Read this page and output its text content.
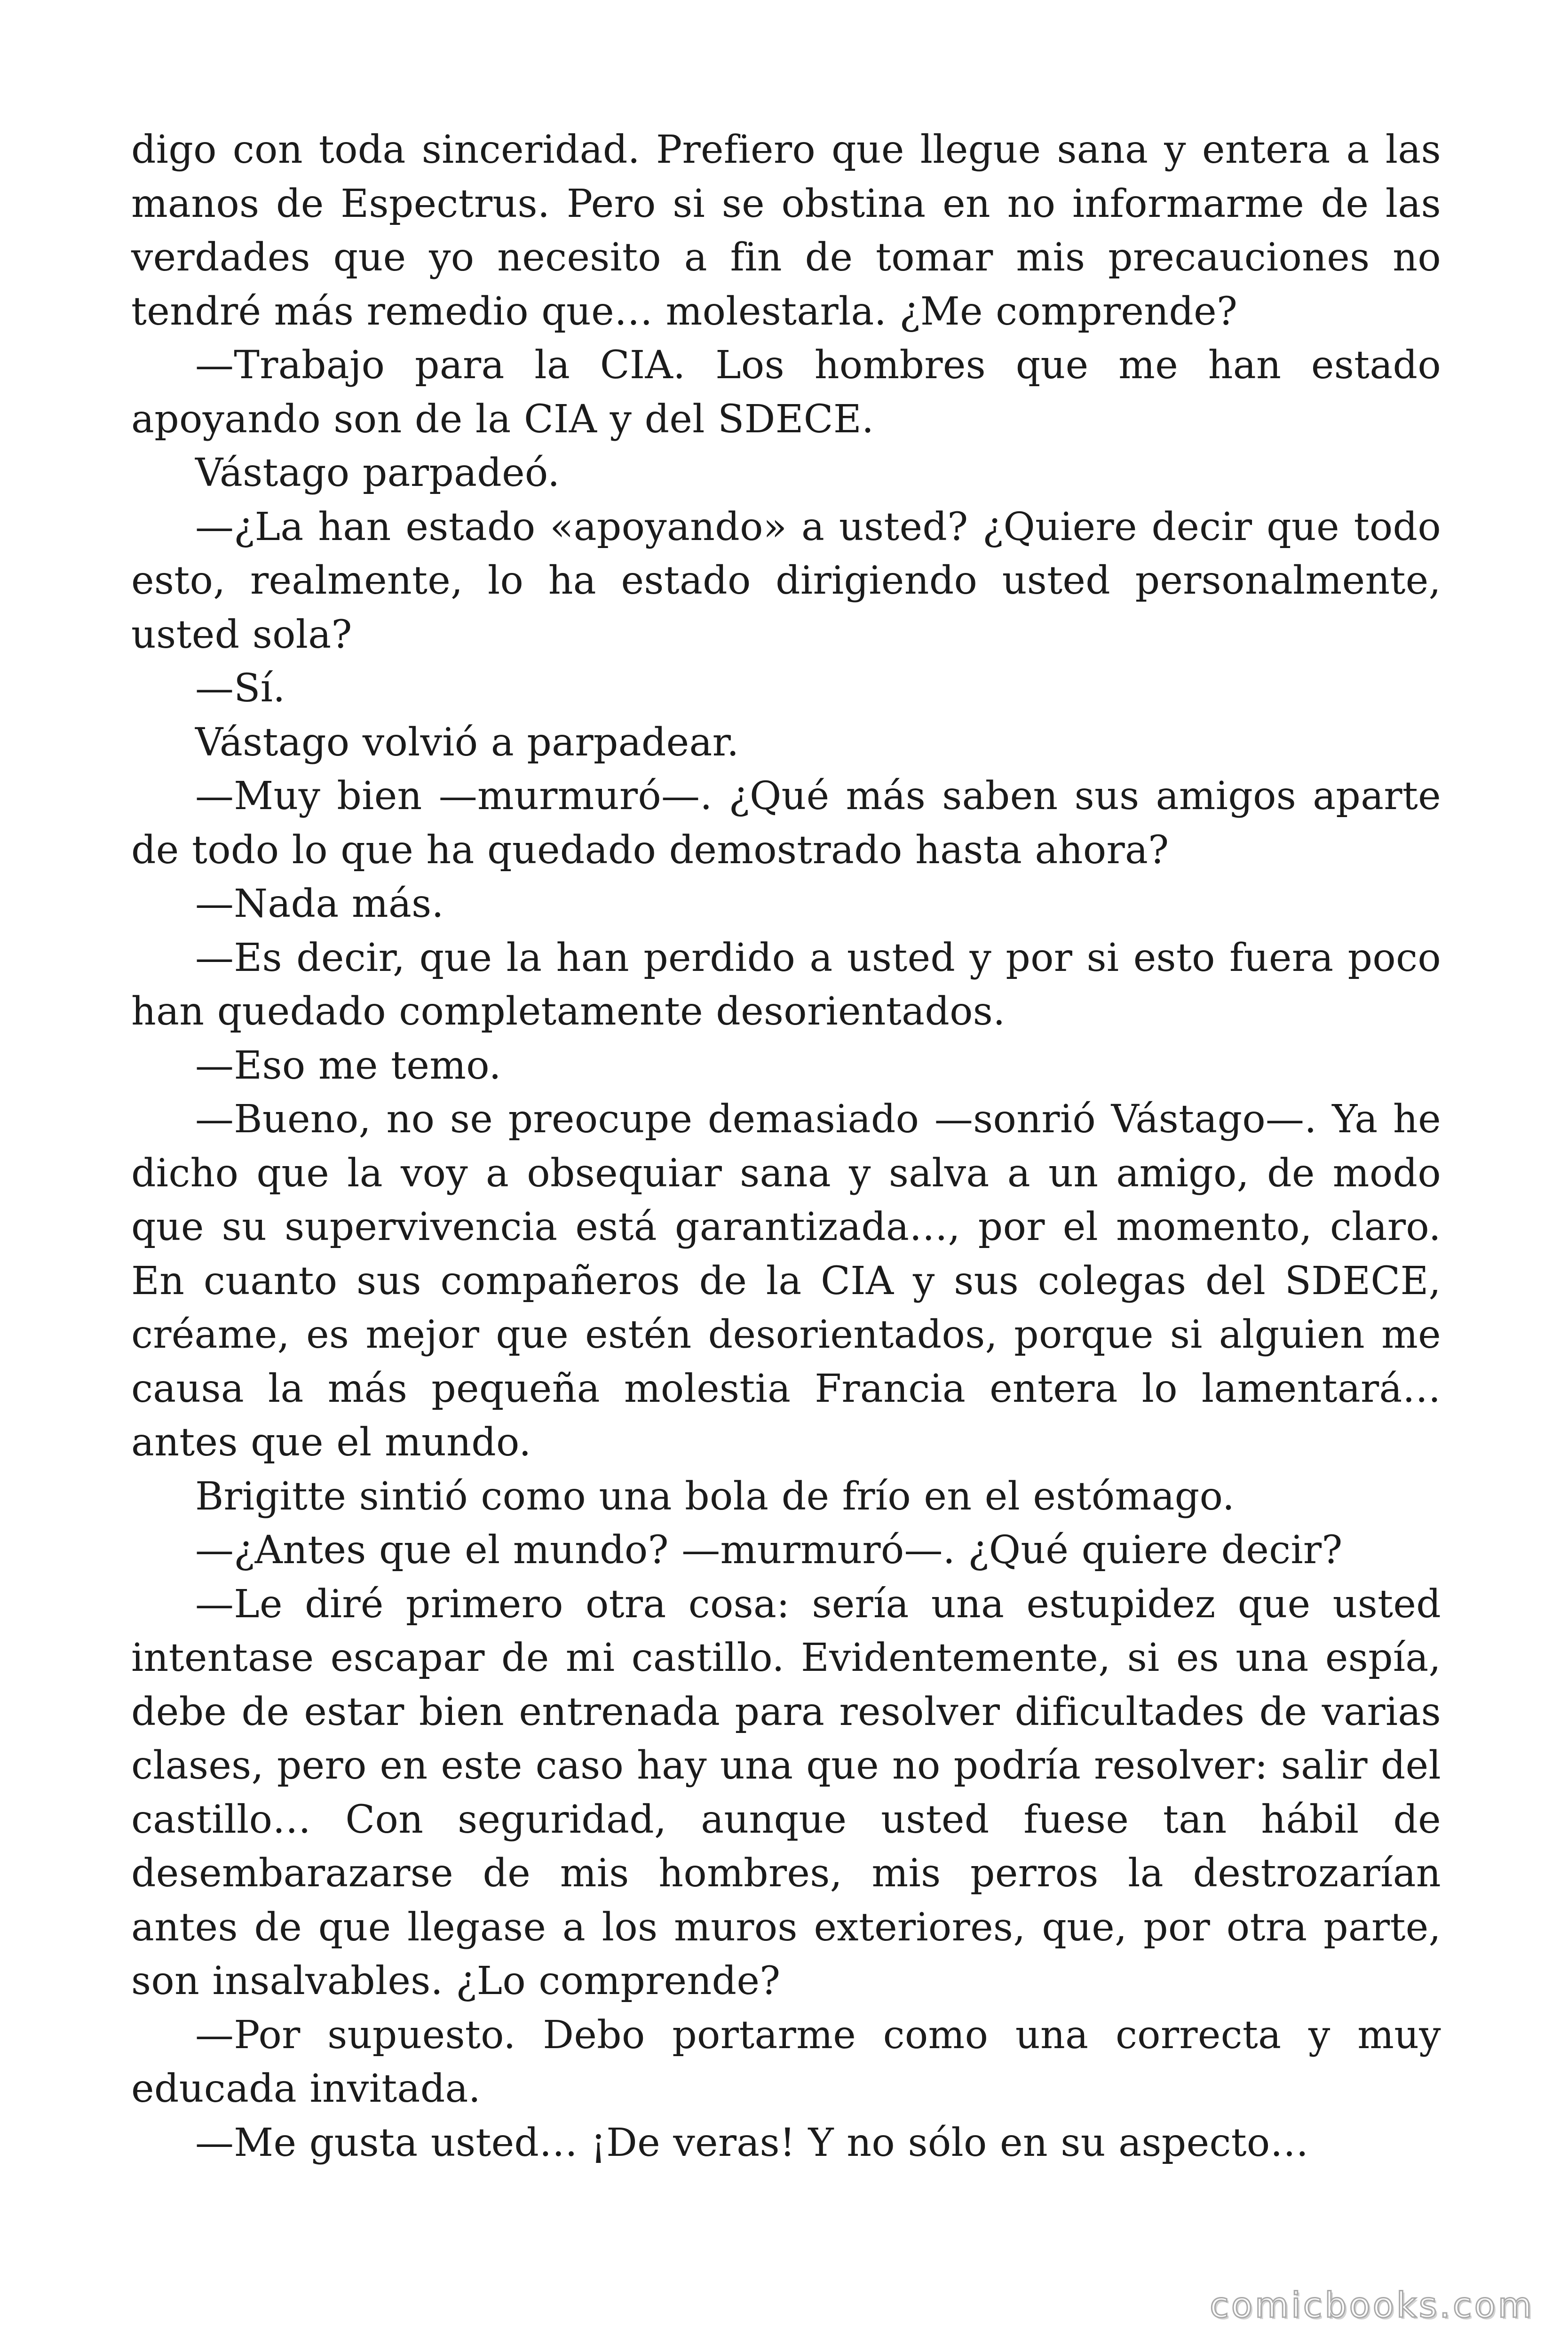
digo con toda sinceridad. Prefiero que llegue sana y entera a las manos de Espectrus. Pero si se obstina en no informarme de las verdades que yo necesito a fin de tomar mis precauciones no tendré más remedio que… molestarla. ¿Me comprende?

—Trabajo para la CIA. Los hombres que me han estado apoyando son de la CIA y del SDECE.

Vástago parpadeó.

—¿La han estado «apoyando» a usted? ¿Quiere decir que todo esto, realmente, lo ha estado dirigiendo usted personalmente, usted sola?

—Sí.

Vástago volvió a parpadear.

—Muy bien —murmuró—. ¿Qué más saben sus amigos aparte de todo lo que ha quedado demostrado hasta ahora?

—Nada más.

—Es decir, que la han perdido a usted y por si esto fuera poco han quedado completamente desorientados.

—Eso me temo.

—Bueno, no se preocupe demasiado —sonrió Vástago—. Ya he dicho que la voy a obsequiar sana y salva a un amigo, de modo que su supervivencia está garantizada…, por el momento, claro. En cuanto sus compañeros de la CIA y sus colegas del SDECE, créame, es mejor que estén desorientados, porque si alguien me causa la más pequeña molestia Francia entera lo lamentará… antes que el mundo.

Brigitte sintió como una bola de frío en el estómago.

—¿Antes que el mundo? —murmuró—. ¿Qué quiere decir?

—Le diré primero otra cosa: sería una estupidez que usted intentase escapar de mi castillo. Evidentemente, si es una espía, debe de estar bien entrenada para resolver dificultades de varias clases, pero en este caso hay una que no podría resolver: salir del castillo… Con seguridad, aunque usted fuese tan hábil de desembarazarse de mis hombres, mis perros la destrozarían antes de que llegase a los muros exteriores, que, por otra parte, son insalvables. ¿Lo comprende?

—Por supuesto. Debo portarme como una correcta y muy educada invitada.

—Me gusta usted… ¡De veras! Y no sólo en su aspecto…

comicbooks.com
